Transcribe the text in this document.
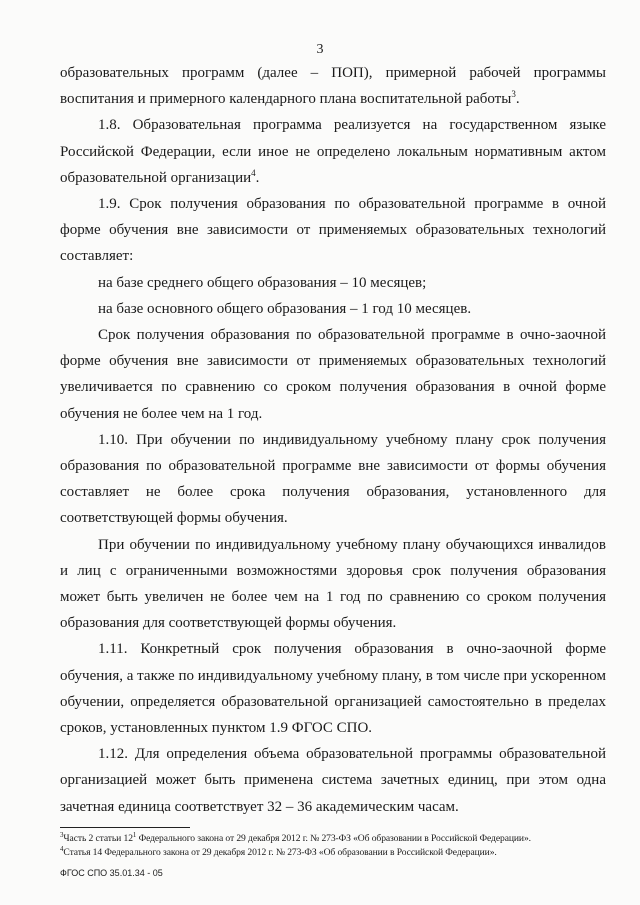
3

образовательных программ (далее – ПОП), примерной рабочей программы воспитания и примерного календарного плана воспитательной работы$^3$.

1.8. Образовательная программа реализуется на государственном языке Российской Федерации, если иное не определено локальным нормативным актом образовательной организации$^4$.

1.9. Срок получения образования по образовательной программе в очной форме обучения вне зависимости от применяемых образовательных технологий составляет:

на базе среднего общего образования – 10 месяцев;

на базе основного общего образования – 1 год 10 месяцев.

Срок получения образования по образовательной программе в очно-заочной форме обучения вне зависимости от применяемых образовательных технологий увеличивается по сравнению со сроком получения образования в очной форме обучения не более чем на 1 год.

1.10. При обучении по индивидуальному учебному плану срок получения образования по образовательной программе вне зависимости от формы обучения составляет не более срока получения образования, установленного для соответствующей формы обучения.

При обучении по индивидуальному учебному плану обучающихся инвалидов и лиц с ограниченными возможностями здоровья срок получения образования может быть увеличен не более чем на 1 год по сравнению со сроком получения образования для соответствующей формы обучения.

1.11. Конкретный срок получения образования в очно-заочной форме обучения, а также по индивидуальному учебному плану, в том числе при ускоренном обучении, определяется образовательной организацией самостоятельно в пределах сроков, установленных пунктом 1.9 ФГОС СПО.

1.12. Для определения объема образовательной программы образовательной организацией может быть применена система зачетных единиц, при этом одна зачетная единица соответствует 32 – 36 академическим часам.

$^3$Часть 2 статьи $12^1$ Федерального закона от 29 декабря 2012 г. № 273-ФЗ «Об образовании в Российской Федерации».

$^4$Статья 14 Федерального закона от 29 декабря 2012 г. № 273-ФЗ «Об образовании в Российской Федерации».

ФГОС СПО 35.01.34 - 05
